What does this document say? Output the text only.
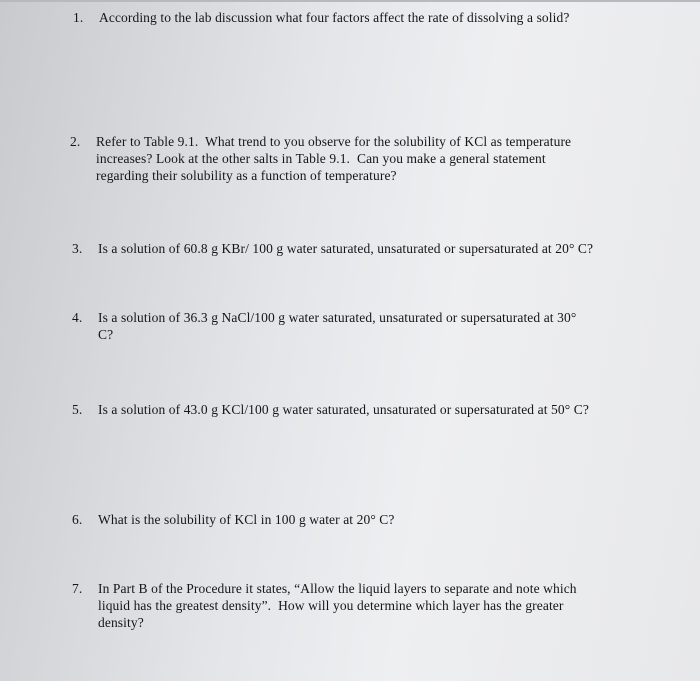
1.	According to the lab discussion what four factors affect the rate of dissolving a solid?
2.	Refer to Table 9.1.  What trend to you observe for the solubility of KCl as temperature
increases? Look at the other salts in Table 9.1.  Can you make a general statement
regarding their solubility as a function of temperature?
3.	Is a solution of 60.8 g KBr/ 100 g water saturated, unsaturated or supersaturated at 20° C?
4.	Is a solution of 36.3 g NaCl/100 g water saturated, unsaturated or supersaturated at 30°
C?
5.	Is a solution of 43.0 g KCl/100 g water saturated, unsaturated or supersaturated at 50° C?
6.	What is the solubility of KCl in 100 g water at 20° C?
7.	In Part B of the Procedure it states, “Allow the liquid layers to separate and note which
liquid has the greatest density”.  How will you determine which layer has the greater
density?
